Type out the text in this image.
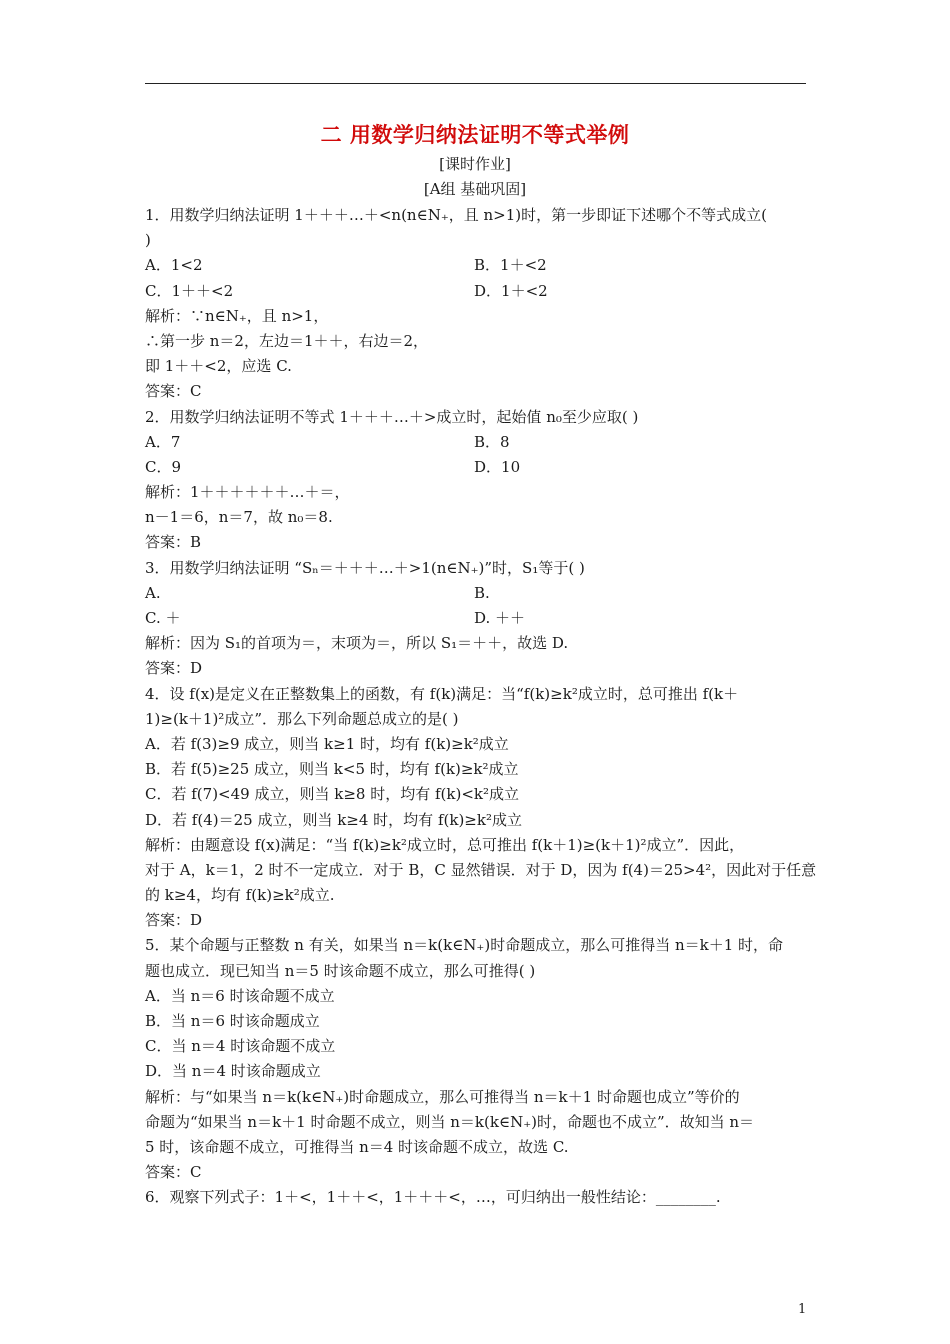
二 用数学归纳法证明不等式举例
[课时作业]
[A组 基础巩固]
1．用数学归纳法证明 1＋＋＋…＋<n(n∈N₊，且 n>1)时，第一步即证下述哪个不等式成立(
)
A．1<2	B．1＋<2
C．1＋＋<2	D．1＋<2
解析：∵n∈N₊，且 n>1，
∴第一步 n＝2，左边＝1＋＋，右边＝2，
即 1＋＋<2，应选 C.
答案：C
2．用数学归纳法证明不等式 1＋＋＋…＋>成立时，起始值 n₀至少应取( )
A．7	B．8
C．9	D．10
解析：1＋＋＋＋＋＋…＋＝，
n－1＝6，n＝7，故 n₀＝8.
答案：B
3．用数学归纳法证明 “Sₙ＝＋＋＋…＋>1(n∈N₊)”时，S₁等于( )
A.	B.
C. ＋	D. ＋＋
解析：因为 S₁的首项为＝，末项为＝，所以 S₁＝＋＋，故选 D.
答案：D
4．设 f(x)是定义在正整数集上的函数，有 f(k)满足：当“f(k)≥k²成立时，总可推出 f(k＋
1)≥(k＋1)²成立”．那么下列命题总成立的是( )
A．若 f(3)≥9 成立，则当 k≥1 时，均有 f(k)≥k²成立
B．若 f(5)≥25 成立，则当 k<5 时，均有 f(k)≥k²成立
C．若 f(7)<49 成立，则当 k≥8 时，均有 f(k)<k²成立
D．若 f(4)＝25 成立，则当 k≥4 时，均有 f(k)≥k²成立
解析：由题意设 f(x)满足：“当 f(k)≥k²成立时，总可推出 f(k＋1)≥(k＋1)²成立”．因此，
对于 A，k＝1，2 时不一定成立．对于 B，C 显然错误．对于 D，因为 f(4)＝25>4²，因此对于任意
的 k≥4，均有 f(k)≥k²成立.
答案：D
5．某个命题与正整数 n 有关，如果当 n＝k(k∈N₊)时命题成立，那么可推得当 n＝k＋1 时，命
题也成立．现已知当 n＝5 时该命题不成立，那么可推得( )
A．当 n＝6 时该命题不成立
B．当 n＝6 时该命题成立
C．当 n＝4 时该命题不成立
D．当 n＝4 时该命题成立
解析：与“如果当 n＝k(k∈N₊)时命题成立，那么可推得当 n＝k＋1 时命题也成立”等价的
命题为“如果当 n＝k＋1 时命题不成立，则当 n＝k(k∈N₊)时，命题也不成立”．故知当 n＝
5 时，该命题不成立，可推得当 n＝4 时该命题不成立，故选 C.
答案：C
6．观察下列式子：1＋<，1＋＋<，1＋＋＋<，…，可归纳出一般性结论：________.
1
